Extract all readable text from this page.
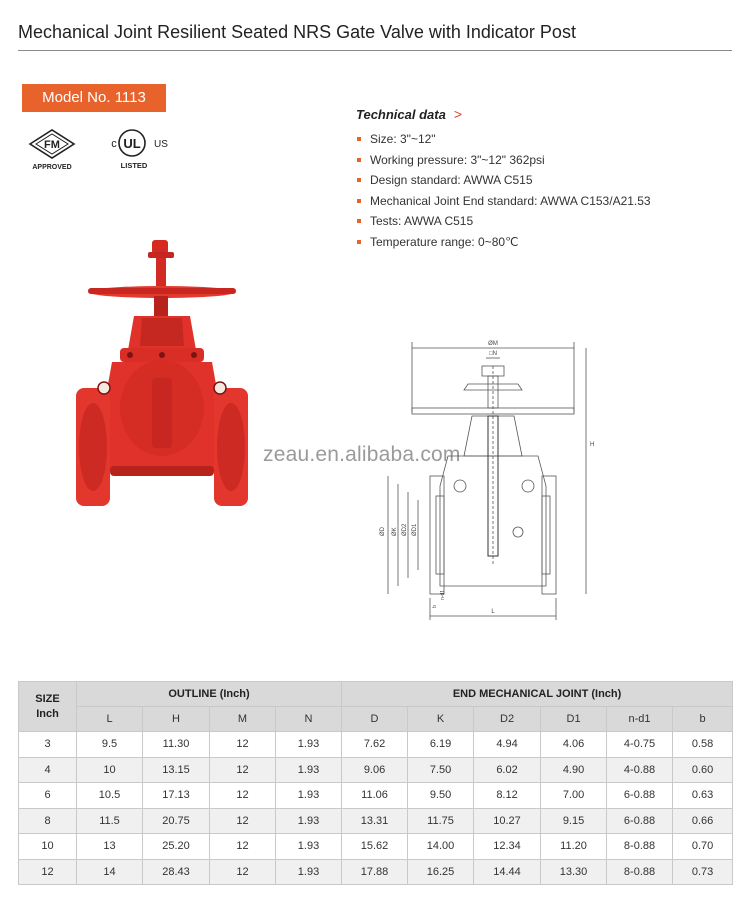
Mechanical Joint Resilient Seated NRS Gate Valve with Indicator Post
Model No. 1113
FM
APPROVED
UL
c	US
LISTED
Technical data >
Size: 3"~12"
Working pressure: 3"~12" 362psi
Design standard: AWWA C515
Mechanical Joint End standard: AWWA C153/A21.53
Tests: AWWA C515
Temperature range: 0~80℃
zeau.en.alibaba.com
ØM
□N
H
ØD ØK ØD2 ØD1
L
n-d1
b
SIZE
Inch	OUTLINE (Inch)				END MECHANICAL JOINT (Inch)					
	L	H	M	N	D	K	D2	D1	n-d1	b
3	9.5	11.30	12	1.93	7.62	6.19	4.94	4.06	4-0.75	0.58
4	10	13.15	12	1.93	9.06	7.50	6.02	4.90	4-0.88	0.60
6	10.5	17.13	12	1.93	11.06	9.50	8.12	7.00	6-0.88	0.63
8	11.5	20.75	12	1.93	13.31	11.75	10.27	9.15	6-0.88	0.66
10	13	25.20	12	1.93	15.62	14.00	12.34	11.20	8-0.88	0.70
12	14	28.43	12	1.93	17.88	16.25	14.44	13.30	8-0.88	0.73
